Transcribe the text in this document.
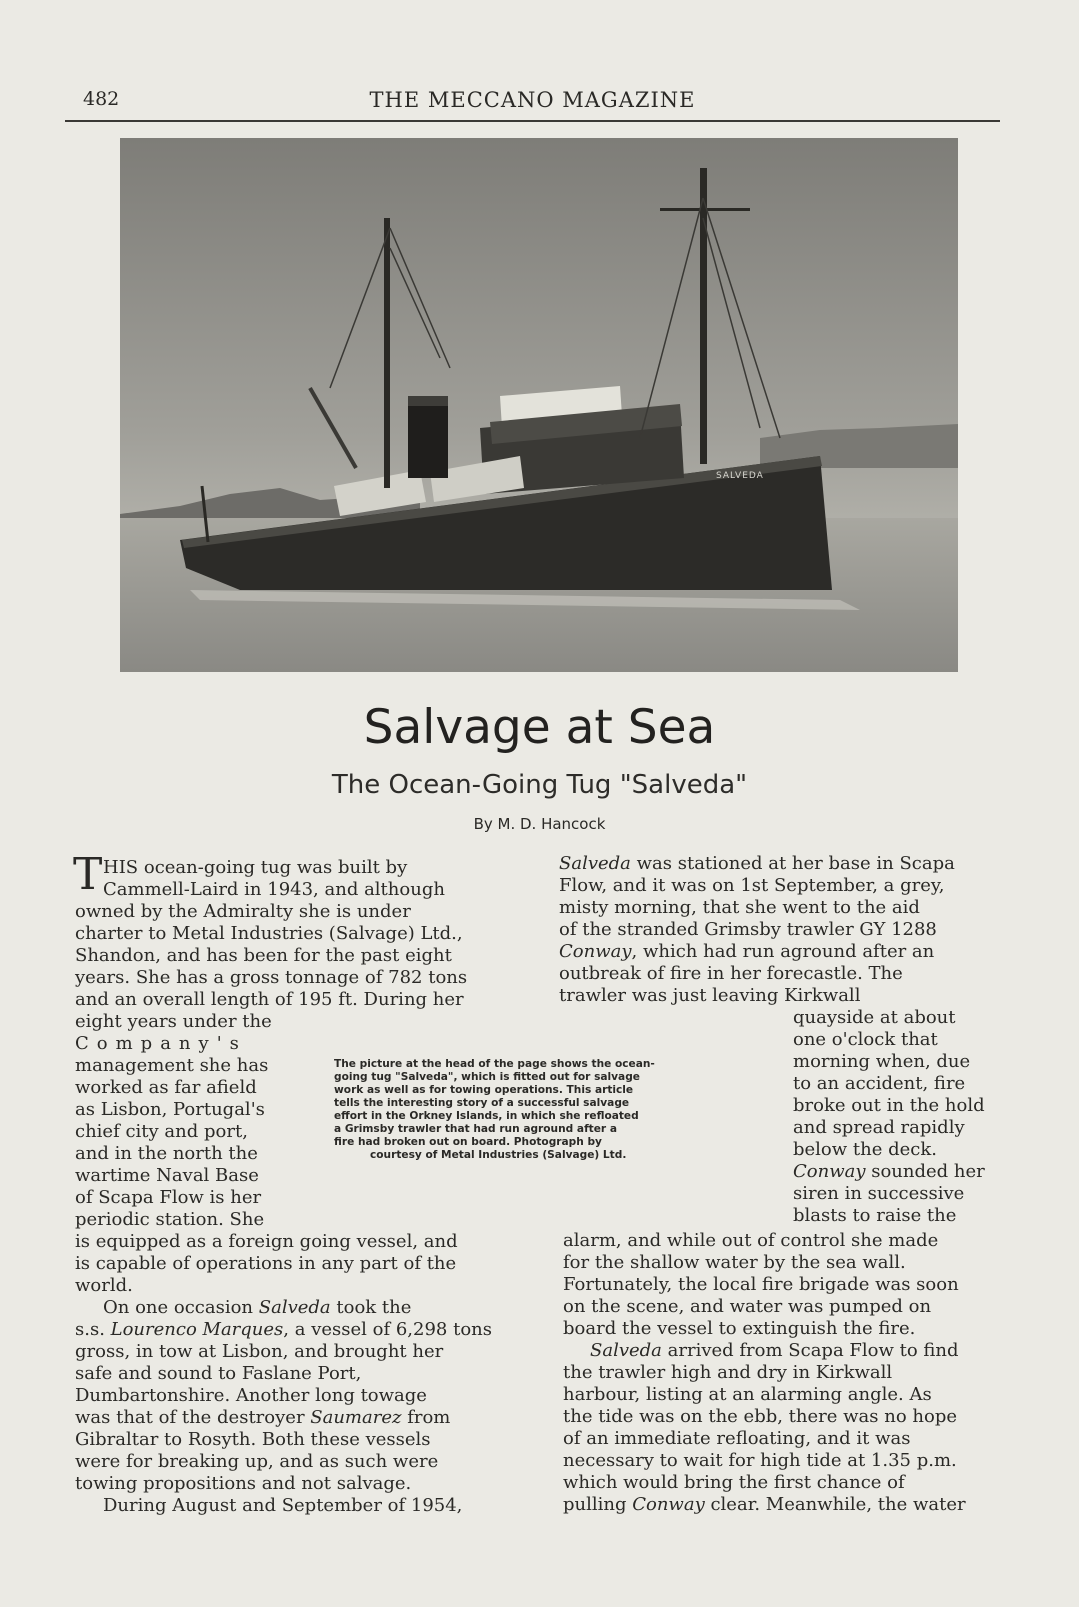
482	THE MECCANO MAGAZINE
SALVEDA
Salvage at Sea
The Ocean-Going Tug "Salveda"
By M. D. Hancock
T HIS ocean-going tug was built by
Cammell-Laird in 1943, and although
owned by the Admiralty she is under
charter to Metal Industries (Salvage) Ltd.,
Shandon, and has been for the past eight
years. She has a gross tonnage of 782 tons
and an overall length of 195 ft. During her
eight years under the
Company's
management she has
worked as far afield
as Lisbon, Portugal's
chief city and port,
and in the north the
wartime Naval Base
of Scapa Flow is her
periodic station. She
is equipped as a foreign going vessel, and
is capable of operations in any part of the
world.
On one occasion Salveda took the
s.s. Lourenco Marques, a vessel of 6,298 tons
gross, in tow at Lisbon, and brought her
safe and sound to Faslane Port,
Dumbartonshire. Another long towage
was that of the destroyer Saumarez from
Gibraltar to Rosyth. Both these vessels
were for breaking up, and as such were
towing propositions and not salvage.
During August and September of 1954,
Salveda was stationed at her base in Scapa
Flow, and it was on 1st September, a grey,
misty morning, that she went to the aid
of the stranded Grimsby trawler GY 1288
Conway, which had run aground after an
outbreak of fire in her forecastle. The
trawler was just leaving Kirkwall
quayside at about
one o'clock that
morning when, due
to an accident, fire
broke out in the hold
and spread rapidly
below the deck.
Conway sounded her
siren in successive
blasts to raise the
alarm, and while out of control she made
for the shallow water by the sea wall.
Fortunately, the local fire brigade was soon
on the scene, and water was pumped on
board the vessel to extinguish the fire.
Salveda arrived from Scapa Flow to find
the trawler high and dry in Kirkwall
harbour, listing at an alarming angle. As
the tide was on the ebb, there was no hope
of an immediate refloating, and it was
necessary to wait for high tide at 1.35 p.m.
which would bring the first chance of
pulling Conway clear. Meanwhile, the water
The picture at the head of the page shows the ocean-
going tug "Salveda", which is fitted out for salvage
work as well as for towing operations. This article
tells the interesting story of a successful salvage
effort in the Orkney Islands, in which she refloated
a Grimsby trawler that had run aground after a
fire had broken out on board. Photograph by
courtesy of Metal Industries (Salvage) Ltd.
